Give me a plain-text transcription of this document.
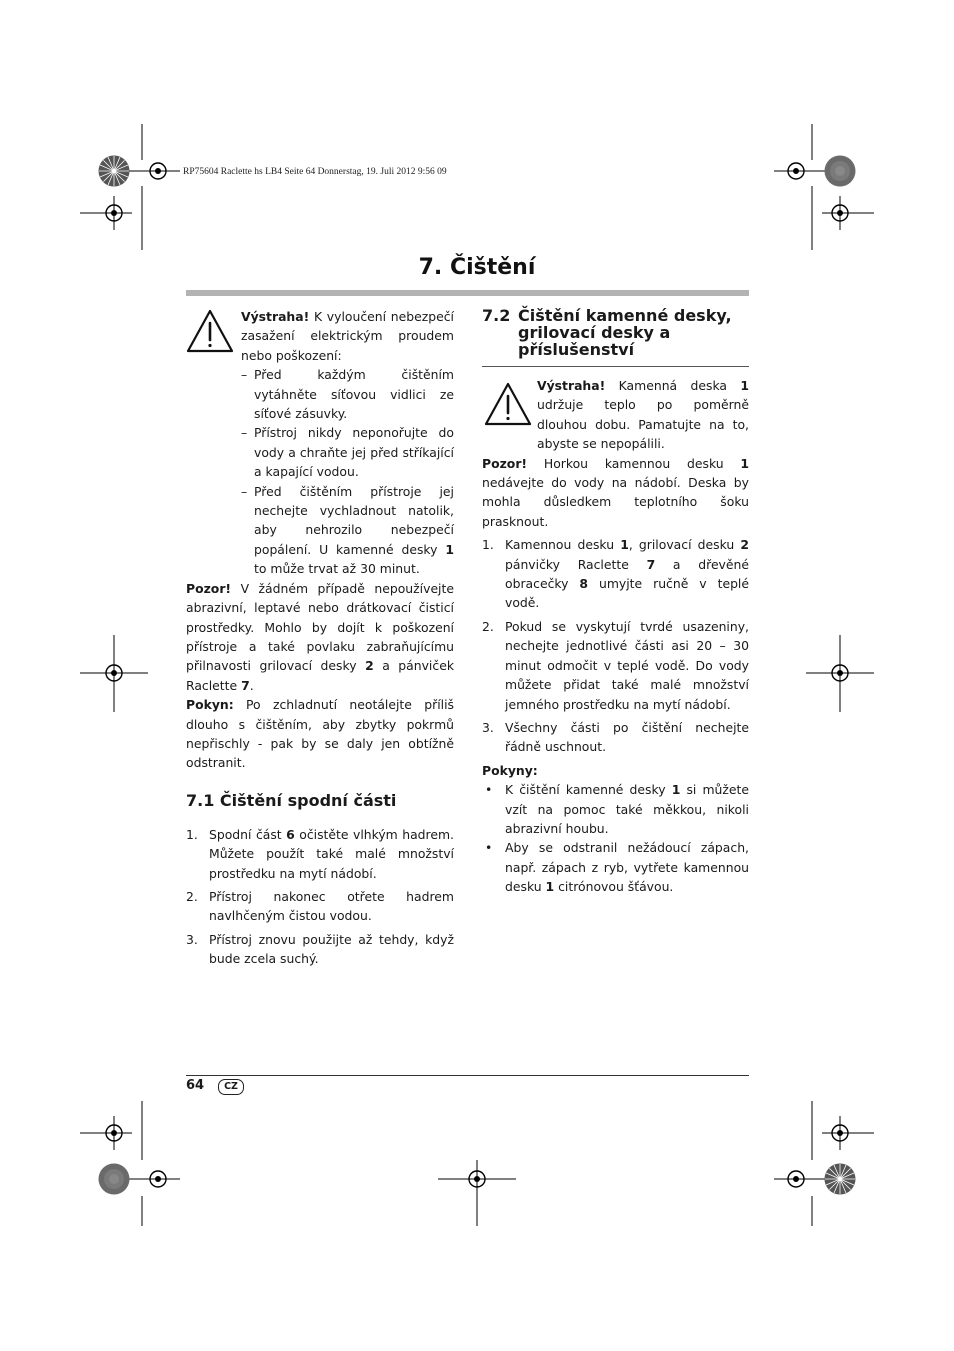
RP75604 Raclette hs LB4 Seite 64 Donnerstag, 19. Juli 2012 9:56 09
7. Čištění

Výstraha! K vyloučení nebezpečí zasažení elektrickým proudem nebo poškození:

– Před každým čištěním vytáhněte síťovou vidlici ze síťové zásuvky.
– Přístroj nikdy neponořujte do vody a chraňte jej před stříkající a kapající vodou.
– Před čištěním přístroje jej nechejte vychladnout natolik, aby nehrozilo nebezpečí popálení. U kamenné desky 1 to může trvat až 30 minut.

Pozor! V žádném případě nepoužívejte abrazivní, leptavé nebo drátkovací čisticí prostředky. Mohlo by dojít k poškození přístroje a také povlaku zabraňujícímu přilnavosti grilovací desky 2 a pánviček Raclette 7.

Pokyn: Po zchladnutí neotálejte příliš dlouho s čištěním, aby zbytky pokrmů nepřischly - pak by se daly jen obtížně odstranit.

7.1 Čištění spodní části
1. Spodní část 6 očistěte vlhkým hadrem. Můžete použít také malé množství prostředku na mytí nádobí.
2. Přístroj nakonec otřete hadrem navlhčeným čistou vodou.
3. Přístroj znovu použijte až tehdy, když bude zcela suchý.
7.2 Čištění kamenné desky, grilovací desky a příslušenství

Výstraha! Kamenná deska 1 udržuje teplo po poměrně dlouhou dobu. Pamatujte na to, abyste se nepopálili.

Pozor! Horkou kamennou desku 1 nedávejte do vody na nádobí. Deska by mohla důsledkem teplotního šoku prasknout.

1. Kamennou desku 1, grilovací desku 2 pánvičky Raclette 7 a dřevěné obracečky 8 umyjte ručně v teplé vodě.
2. Pokud se vyskytují tvrdé usazeniny, nechejte jednotlivé části asi 20 – 30 minut odmočit v teplé vodě. Do vody můžete přidat také malé množství jemného prostředku na mytí nádobí.
3. Všechny části po čištění nechejte řádně uschnout.

Pokyny:

• K čištění kamenné desky 1 si můžete vzít na pomoc také měkkou, nikoli abrazivní houbu.
• Aby se odstranil nežádoucí zápach, např. zápach z ryb, vytřete kamennou desku 1 citrónovou šťávou.
64	CZ
